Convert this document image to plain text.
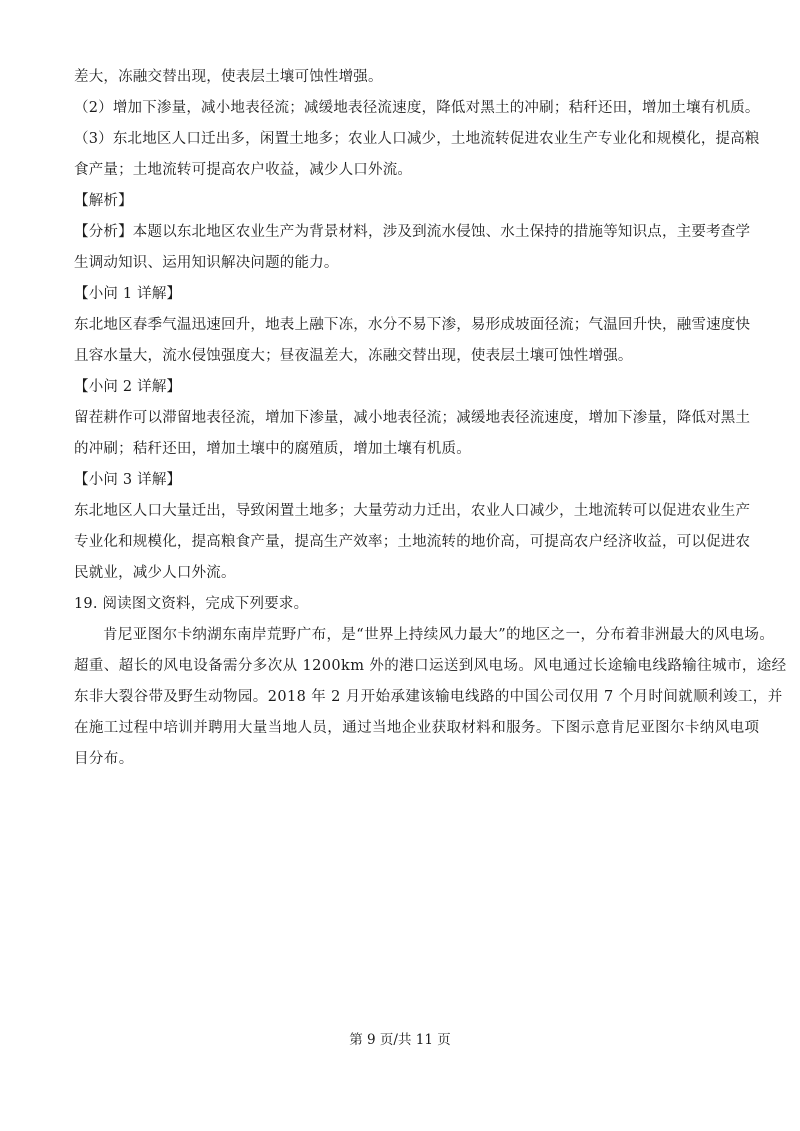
差大，冻融交替出现，使表层土壤可蚀性增强。
（2）增加下渗量，减小地表径流；减缓地表径流速度，降低对黑土的冲刷；秸秆还田，增加土壤有机质。
（3）东北地区人口迁出多，闲置土地多；农业人口减少，土地流转促进农业生产专业化和规模化，提高粮
食产量；土地流转可提高农户收益，减少人口外流。
【解析】
【分析】本题以东北地区农业生产为背景材料，涉及到流水侵蚀、水土保持的措施等知识点，主要考查学
生调动知识、运用知识解决问题的能力。
【小问 1 详解】
东北地区春季气温迅速回升，地表上融下冻，水分不易下渗，易形成坡面径流；气温回升快，融雪速度快
且容水量大，流水侵蚀强度大；昼夜温差大，冻融交替出现，使表层土壤可蚀性增强。
【小问 2 详解】
留茬耕作可以滞留地表径流，增加下渗量，减小地表径流；减缓地表径流速度，增加下渗量，降低对黑土
的冲刷；秸秆还田，增加土壤中的腐殖质，增加土壤有机质。
【小问 3 详解】
东北地区人口大量迁出，导致闲置土地多；大量劳动力迁出，农业人口减少，土地流转可以促进农业生产
专业化和规模化，提高粮食产量，提高生产效率；土地流转的地价高，可提高农户经济收益，可以促进农
民就业，减少人口外流。
19. 阅读图文资料，完成下列要求。
肯尼亚图尔卡纳湖东南岸荒野广布，是“世界上持续风力最大”的地区之一，分布着非洲最大的风电场。
超重、超长的风电设备需分多次从 1200km 外的港口运送到风电场。风电通过长途输电线路输往城市，途经
东非大裂谷带及野生动物园。2018 年 2 月开始承建该输电线路的中国公司仅用 7 个月时间就顺利竣工，并
在施工过程中培训并聘用大量当地人员，通过当地企业获取材料和服务。下图示意肯尼亚图尔卡纳风电项
目分布。
第 9 页/共 11 页
